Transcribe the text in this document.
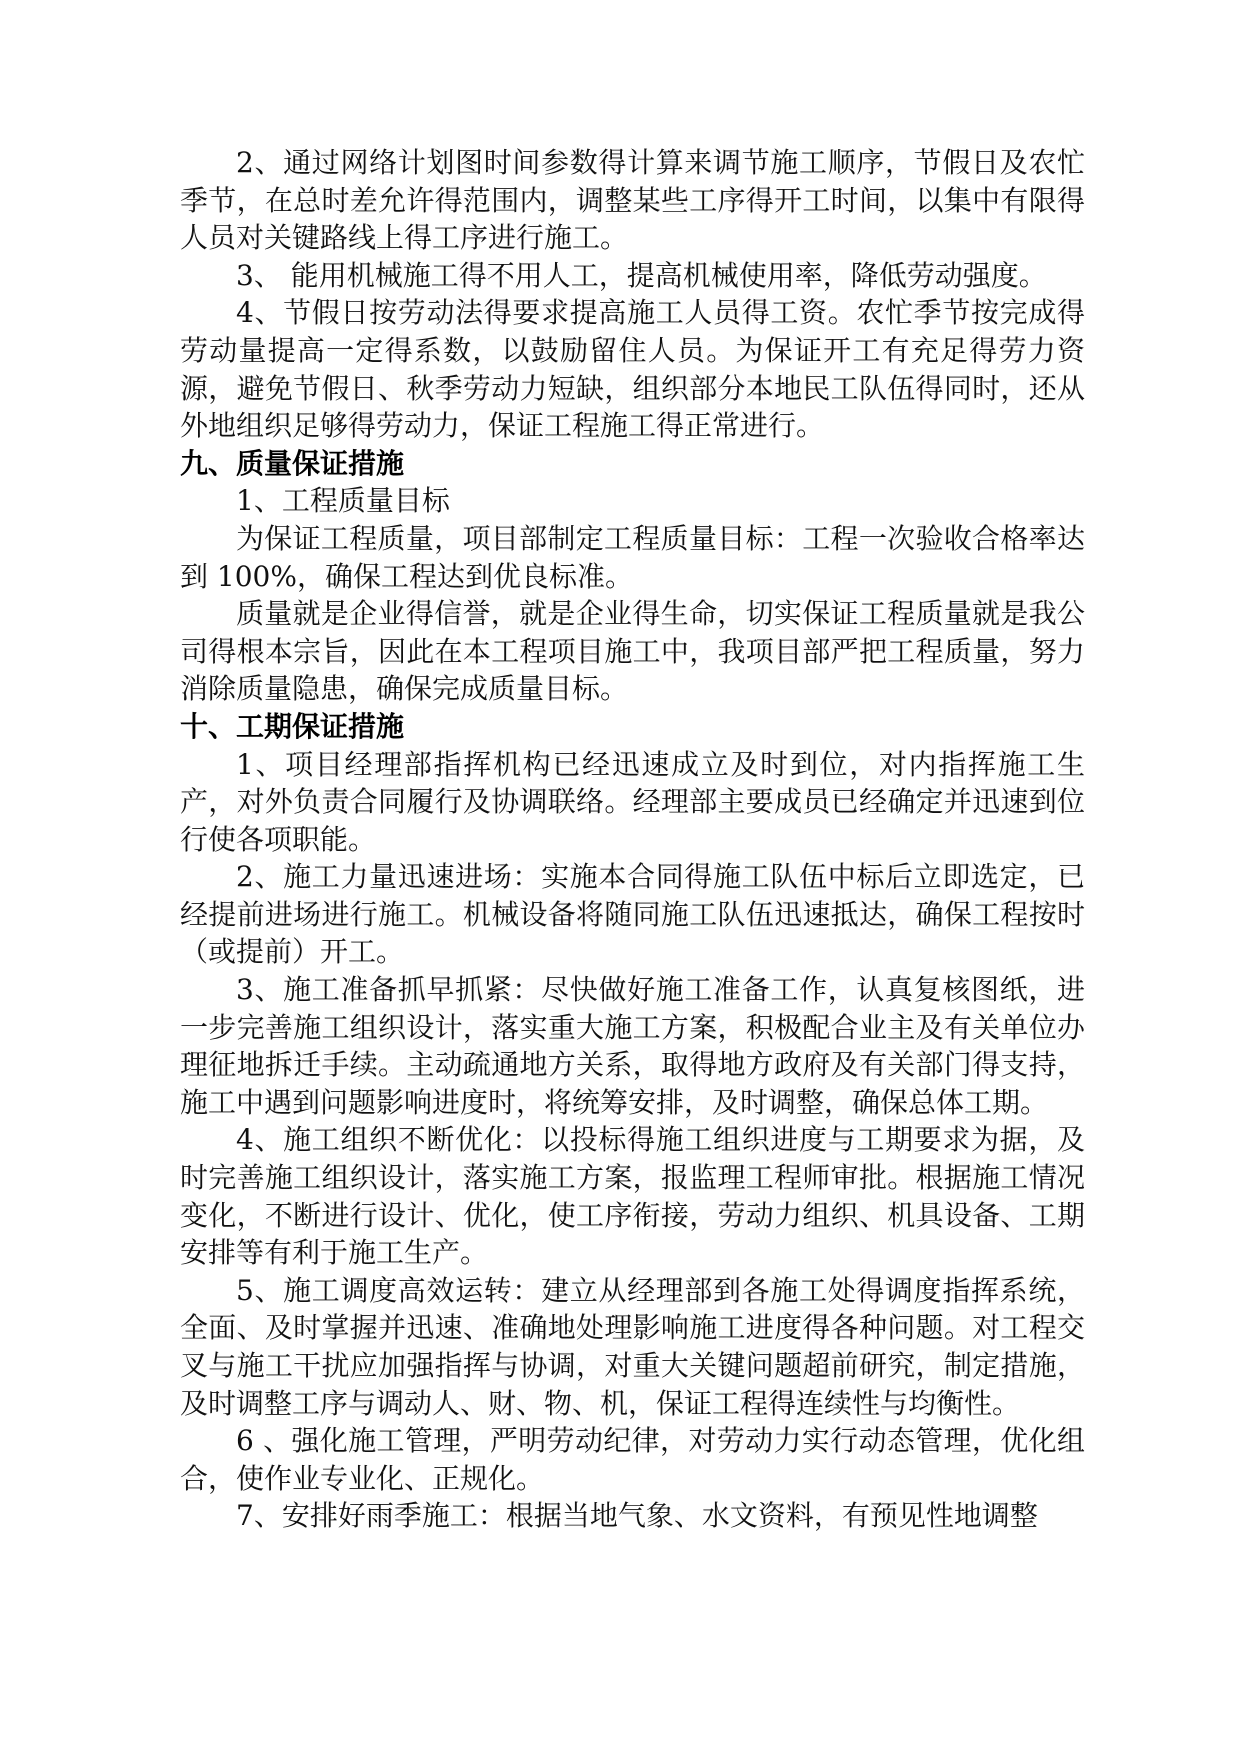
2、通过网络计划图时间参数得计算来调节施工顺序，节假日及农忙季节，在总时差允许得范围内，调整某些工序得开工时间，以集中有限得人员对关键路线上得工序进行施工。

3、 能用机械施工得不用人工，提高机械使用率，降低劳动强度。

4、节假日按劳动法得要求提高施工人员得工资。农忙季节按完成得劳动量提高一定得系数，以鼓励留住人员。为保证开工有充足得劳力资源，避免节假日、秋季劳动力短缺，组织部分本地民工队伍得同时，还从外地组织足够得劳动力，保证工程施工得正常进行。

九、质量保证措施

1、工程质量目标

为保证工程质量，项目部制定工程质量目标：工程一次验收合格率达到 100%，确保工程达到优良标准。

质量就是企业得信誉，就是企业得生命，切实保证工程质量就是我公司得根本宗旨，因此在本工程项目施工中，我项目部严把工程质量，努力消除质量隐患，确保完成质量目标。

十、工期保证措施

1、项目经理部指挥机构已经迅速成立及时到位，对内指挥施工生产，对外负责合同履行及协调联络。经理部主要成员已经确定并迅速到位行使各项职能。

2、施工力量迅速进场：实施本合同得施工队伍中标后立即选定，已经提前进场进行施工。机械设备将随同施工队伍迅速抵达，确保工程按时（或提前）开工。

3、施工准备抓早抓紧：尽快做好施工准备工作，认真复核图纸，进一步完善施工组织设计，落实重大施工方案，积极配合业主及有关单位办理征地拆迁手续。主动疏通地方关系，取得地方政府及有关部门得支持，施工中遇到问题影响进度时，将统筹安排，及时调整，确保总体工期。

4、施工组织不断优化：以投标得施工组织进度与工期要求为据，及时完善施工组织设计，落实施工方案，报监理工程师审批。根据施工情况变化，不断进行设计、优化，使工序衔接，劳动力组织、机具设备、工期安排等有利于施工生产。

5、施工调度高效运转：建立从经理部到各施工处得调度指挥系统，全面、及时掌握并迅速、准确地处理影响施工进度得各种问题。对工程交叉与施工干扰应加强指挥与协调，对重大关键问题超前研究，制定措施，及时调整工序与调动人、财、物、机，保证工程得连续性与均衡性。

6 、强化施工管理，严明劳动纪律，对劳动力实行动态管理，优化组合，使作业专业化、正规化。

7、安排好雨季施工：根据当地气象、水文资料，有预见性地调整
